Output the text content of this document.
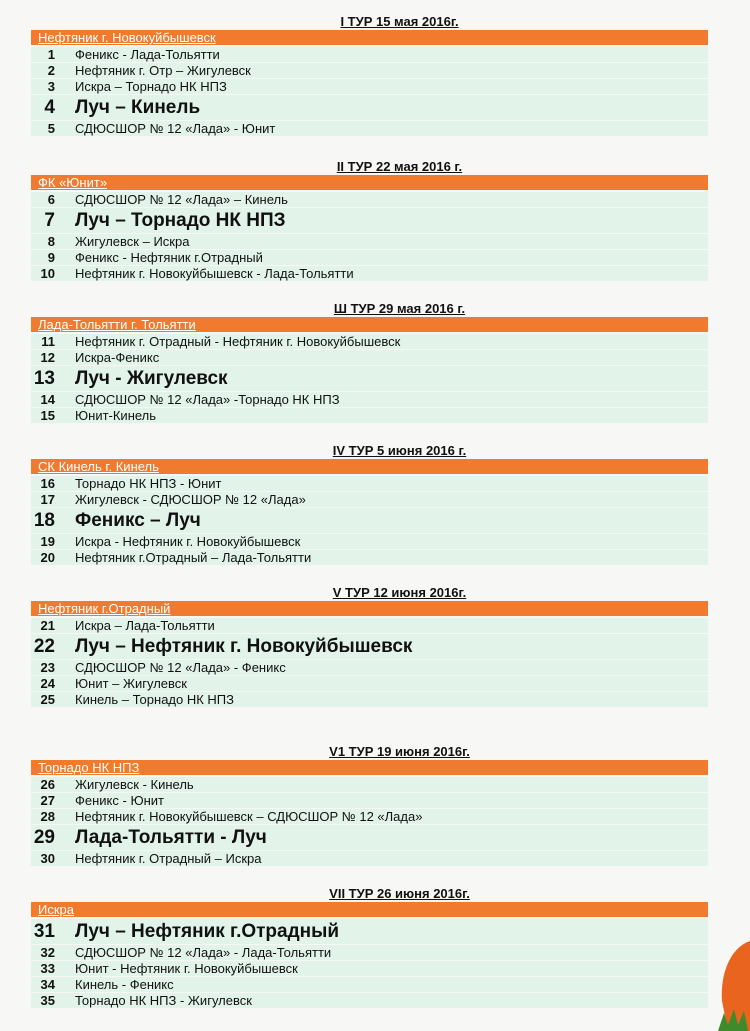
I ТУР 15 мая 2016г.
Нефтяник г. Новокуйбышевск
1	Феникс - Лада-Тольятти
2	Нефтяник г. Отр – Жигулевск
3	Искра – Торнадо НК НПЗ
4	Луч – Кинель
5	СДЮСШОР № 12 «Лада» - Юнит
II ТУР 22 мая 2016 г.
ФК «Юнит»
6	СДЮСШОР № 12 «Лада» – Кинель
7	Луч – Торнадо НК НПЗ
8	Жигулевск – Искра
9	Феникс - Нефтяник г.Отрадный
10	Нефтяник г. Новокуйбышевск - Лада-Тольятти
Ш ТУР 29 мая 2016 г.
Лада-Тольятти г. Тольятти
11	Нефтяник г. Отрадный - Нефтяник г. Новокуйбышевск
12	Искра-Феникс
13	Луч - Жигулевск
14	СДЮСШОР № 12 «Лада» -Торнадо НК НПЗ
15	Юнит-Кинель
IV ТУР 5 июня 2016 г.
СК Кинель г. Кинель
16	Торнадо НК НПЗ - Юнит
17	Жигулевск - СДЮСШОР № 12 «Лада»
18	Феникс – Луч
19	Искра - Нефтяник г. Новокуйбышевск
20	Нефтяник г.Отрадный – Лада-Тольятти
V ТУР 12 июня 2016г.
Нефтяник г.Отрадный
21	Искра – Лада-Тольятти
22	Луч – Нефтяник г. Новокуйбышевск
23	СДЮСШОР № 12 «Лада» - Феникс
24	Юнит – Жигулевск
25	Кинель – Торнадо НК НПЗ
V1 ТУР 19 июня 2016г.
Торнадо НК НПЗ
26	Жигулевск - Кинель
27	Феникс - Юнит
28	Нефтяник г. Новокуйбышевск – СДЮСШОР № 12 «Лада»
29	Лада-Тольятти - Луч
30	Нефтяник г. Отрадный – Искра
VII ТУР 26 июня 2016г.
Искра
31	Луч – Нефтяник г.Отрадный
32	СДЮСШОР № 12 «Лада» - Лада-Тольятти
33	Юнит - Нефтяник г. Новокуйбышевск
34	Кинель - Феникс
35	Торнадо НК НПЗ - Жигулевск
